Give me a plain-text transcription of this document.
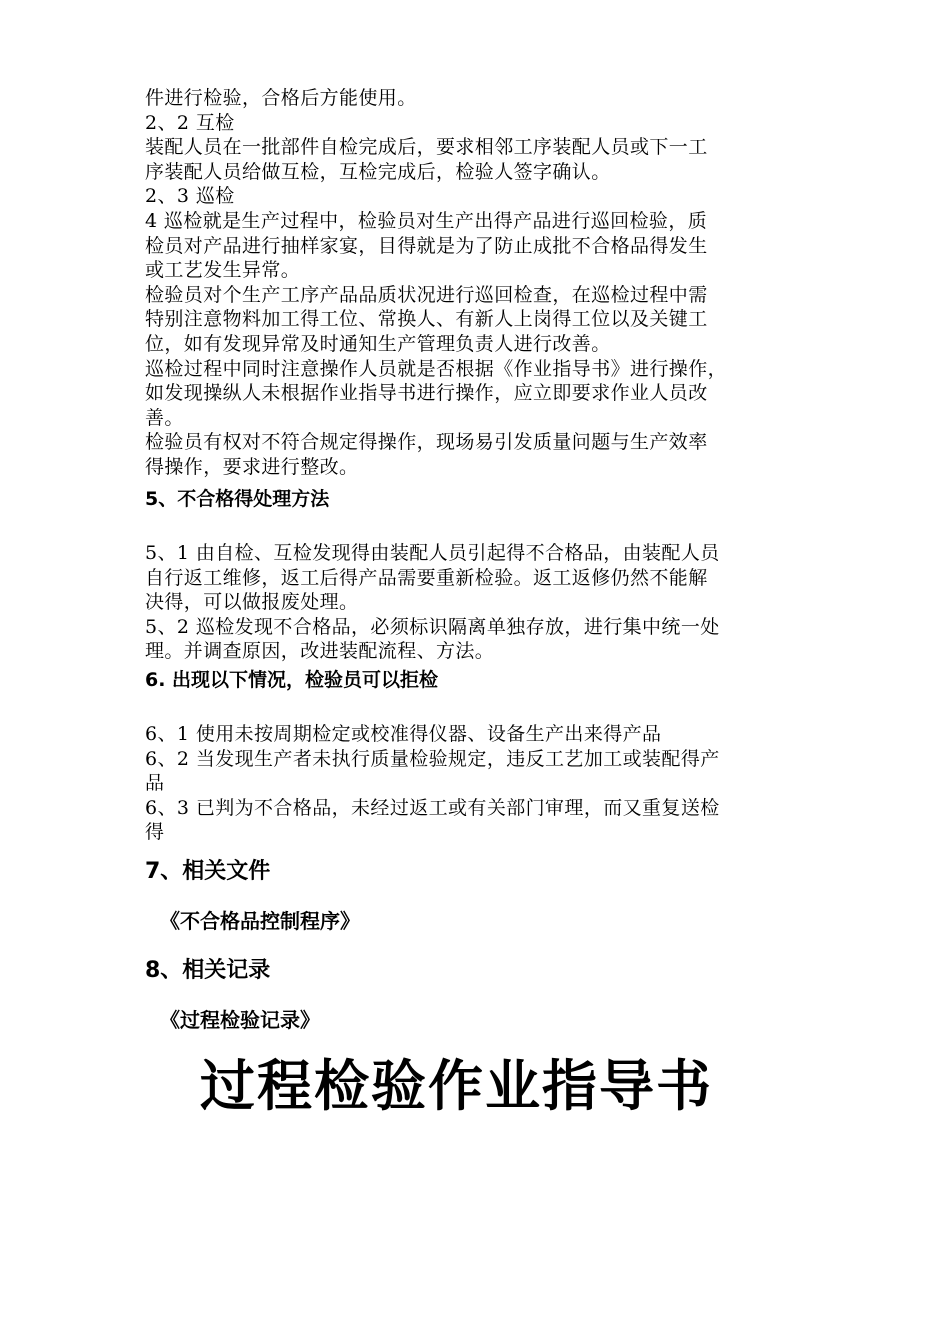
件进行检验，合格后方能使用。
2、2 互检
装配人员在一批部件自检完成后，要求相邻工序装配人员或下一工
序装配人员给做互检，互检完成后，检验人签字确认。
2、3 巡检
4 巡检就是生产过程中，检验员对生产出得产品进行巡回检验，质
检员对产品进行抽样家宴，目得就是为了防止成批不合格品得发生
或工艺发生异常。
检验员对个生产工序产品品质状况进行巡回检查，在巡检过程中需
特别注意物料加工得工位、常换人、有新人上岗得工位以及关键工
位，如有发现异常及时通知生产管理负责人进行改善。
巡检过程中同时注意操作人员就是否根据《作业指导书》进行操作，
如发现操纵人未根据作业指导书进行操作，应立即要求作业人员改
善。
检验员有权对不符合规定得操作，现场易引发质量问题与生产效率
得操作，要求进行整改。
5、不合格得处理方法
5、1 由自检、互检发现得由装配人员引起得不合格品，由装配人员
自行返工维修，返工后得产品需要重新检验。返工返修仍然不能解
决得，可以做报废处理。
5、2 巡检发现不合格品，必须标识隔离单独存放，进行集中统一处
理。并调查原因，改进装配流程、方法。
6. 出现以下情况，检验员可以拒检
6、1 使用未按周期检定或校准得仪器、设备生产出来得产品
6、2 当发现生产者未执行质量检验规定，违反工艺加工或装配得产
品
6、3 已判为不合格品，未经过返工或有关部门审理，而又重复送检
得
7、相关文件
《不合格品控制程序》
8、相关记录
《过程检验记录》
过程检验作业指导书
